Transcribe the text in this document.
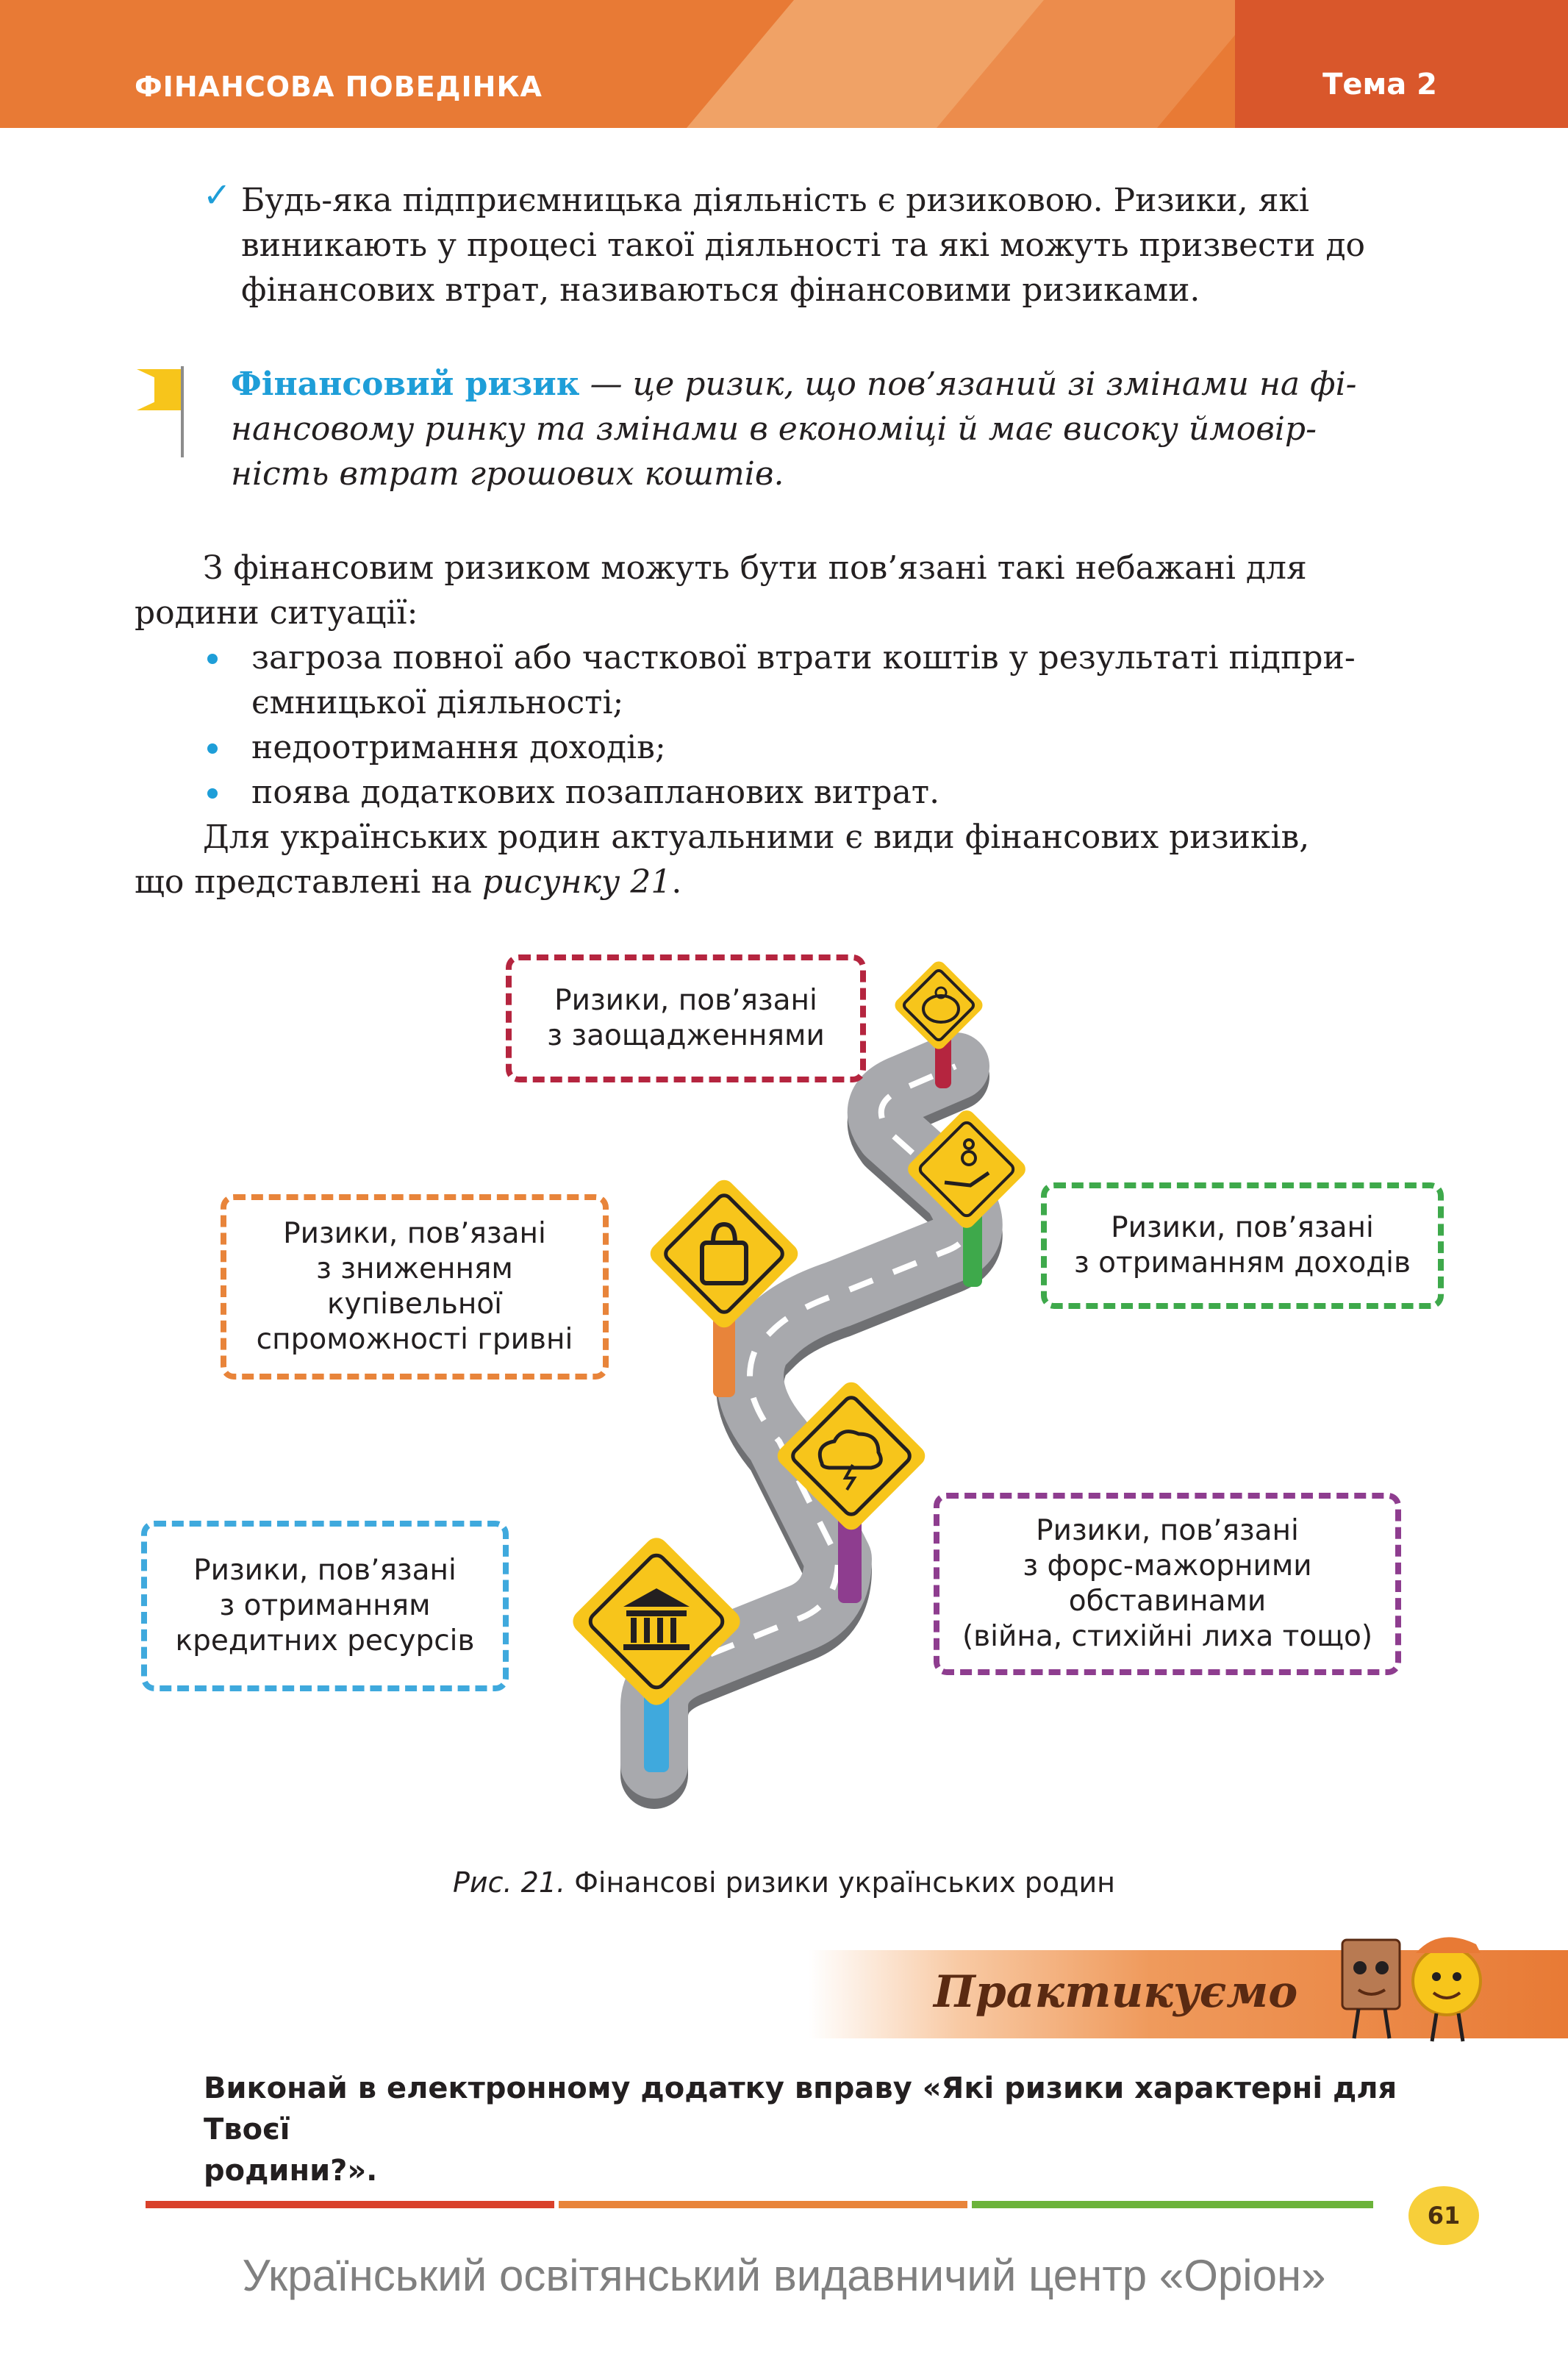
ФІНАНСОВА ПОВЕДІНКА	Тема 2
✓ Будь-яка підприємницька діяльність є ризиковою. Ризики, які
виникають у процесі такої діяльності та які можуть призвести до
фінансових втрат, називаються фінансовими ризиками.
Фінансовий ризик — це ризик, що пов’язаний зі змінами на фі-
нансовому ринку та змінами в економіці й має високу ймовір-
ність втрат грошових коштів.
З фінансовим ризиком можуть бути пов’язані такі небажані для
родини ситуації:
загроза повної або часткової втрати коштів у результаті підпри-
ємницької діяльності;
недоотримання доходів;
поява додаткових позапланових витрат.
Для українських родин актуальними є види фінансових ризиків,
що представлені на рисунку 21.
Ризики, пов’язані
з заощадженнями
Ризики, пов’язані
з зниженням
купівельної
спроможності гривні
Ризики, пов’язані
з отриманням доходів
Ризики, пов’язані
з отриманням
кредитних ресурсів
Ризики, пов’язані
з форс-мажорними
обставинами
(війна, стихійні лиха тощо)
Рис. 21. Фінансові ризики українських родин
Практикуємо
Виконай в електронному додатку вправу «Які ризики характерні для Твоєї
родини?».
61
Український освітянський видавничий центр «Оріон»
